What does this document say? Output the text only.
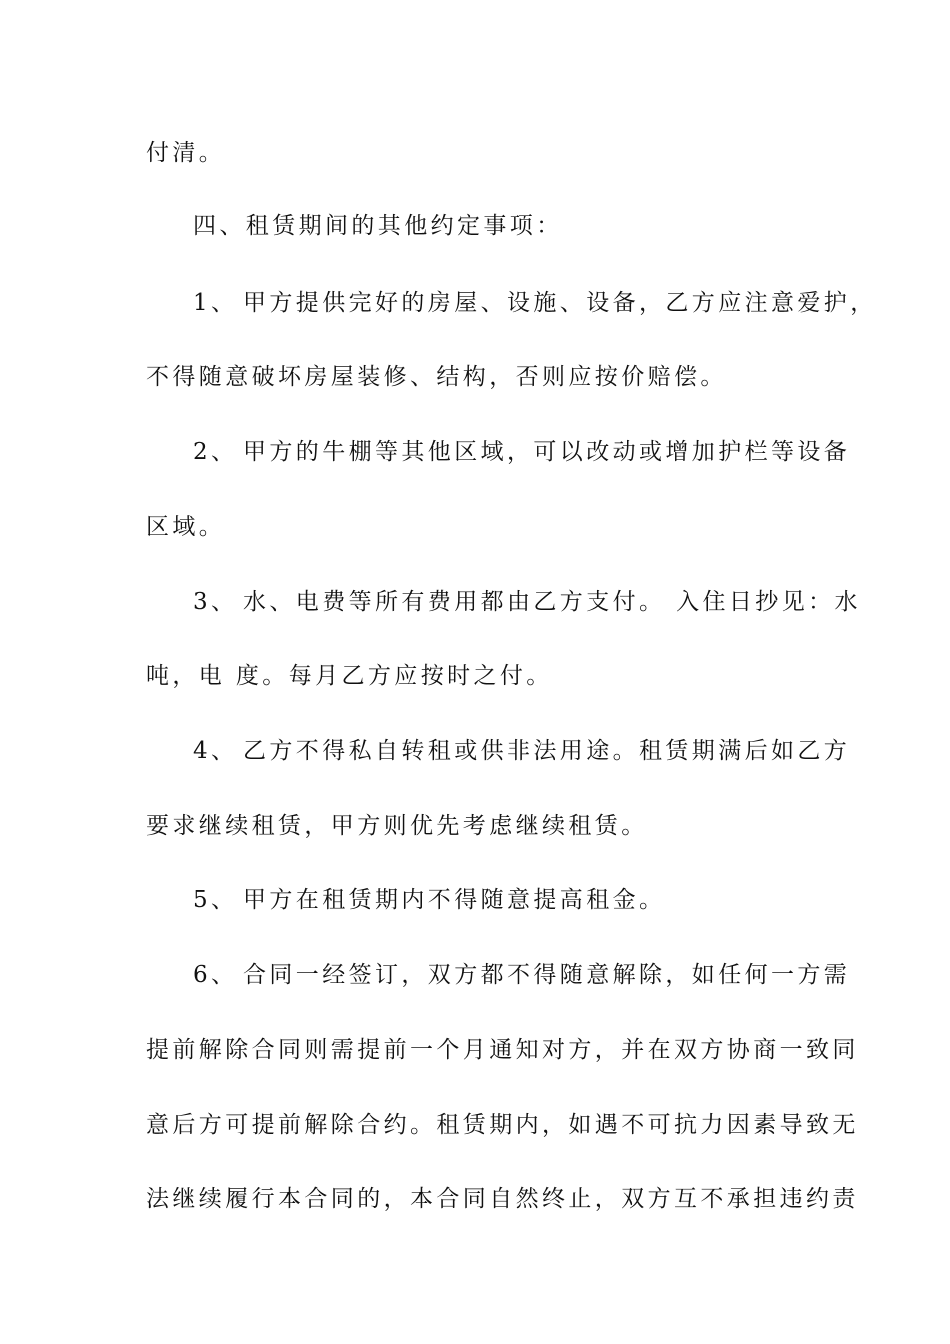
付清。
四、租赁期间的其他约定事项：
1、 甲方提供完好的房屋、设施、设备，乙方应注意爱护，
不得随意破坏房屋装修、结构，否则应按价赔偿。
2、 甲方的牛棚等其他区域，可以改动或增加护栏等设备
区域。
3、 水、电费等所有费用都由乙方支付。 入住日抄见：水
吨，电 度。每月乙方应按时之付。
4、 乙方不得私自转租或供非法用途。租赁期满后如乙方
要求继续租赁，甲方则优先考虑继续租赁。
5、 甲方在租赁期内不得随意提高租金。
6、 合同一经签订，双方都不得随意解除，如任何一方需
提前解除合同则需提前一个月通知对方，并在双方协商一致同
意后方可提前解除合约。租赁期内，如遇不可抗力因素导致无
法继续履行本合同的，本合同自然终止，双方互不承担违约责
